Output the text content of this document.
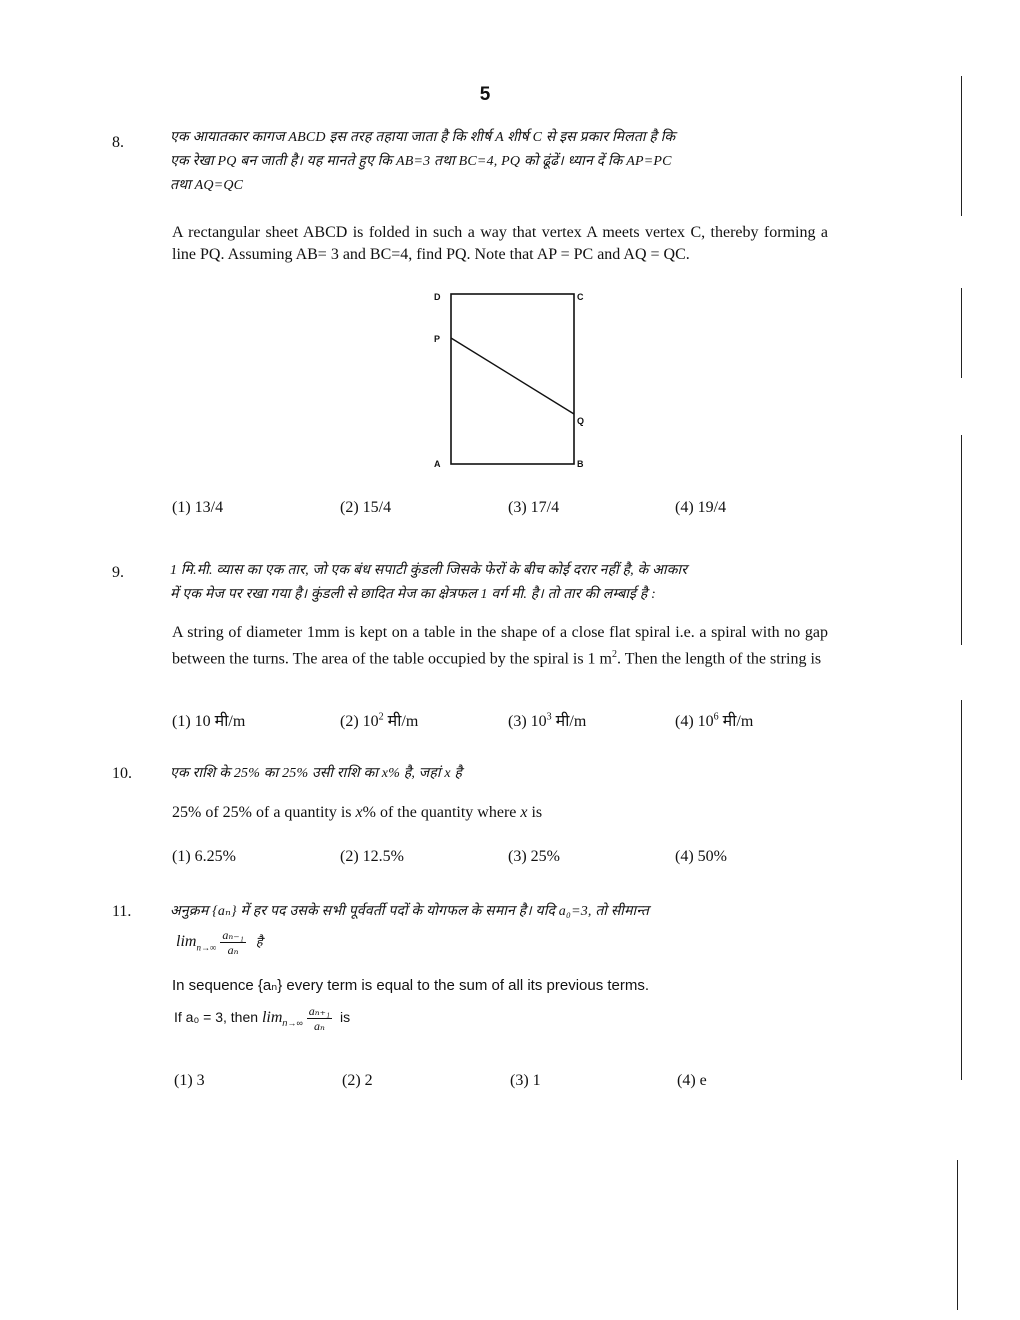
5
8.	एक आयातकार कागज ABCD इस तरह तहाया जाता है कि शीर्ष A शीर्ष C से इस प्रकार मिलता है कि
एक रेखा PQ बन जाती है। यह मानते हुए कि AB=3 तथा BC=4, PQ को ढूंढें। ध्यान दें कि AP=PC
तथा AQ=QC
A rectangular sheet ABCD is folded in such a way that vertex A meets vertex C, thereby forming a line PQ. Assuming AB= 3 and BC=4, find PQ. Note that AP = PC and AQ = QC.
D	C
P
Q
A	B
(1) 13/4	(2) 15/4	(3) 17/4	(4) 19/4
9.	1 मि.मी. व्यास का एक तार, जो एक बंध सपाटी कुंडली जिसके फेरों के बीच कोई दरार नहीं है, के आकार
में एक मेज पर रखा गया है। कुंडली से छादित मेज का क्षेत्रफल 1 वर्ग मी. है। तो तार की लम्बाई है :
A string of diameter 1mm is kept on a table in the shape of a close flat spiral i.e. a spiral with no gap between the turns. The area of the table occupied by the spiral is 1 $m^2$. Then the length of the string is
(1) 10 मी/m	(2) $10^2$ मी/m	(3) $10^3$ मी/m	(4) $10^6$ मी/m
10.	एक राशि के 25% का 25% उसी राशि का x% है, जहां x है
25% of 25% of a quantity is x% of the quantity where x is
(1) 6.25%	(2) 12.5%	(3) 25%	(4) 50%
11.	अनुक्रम {aₙ} में हर पद उसके सभी पूर्ववर्ती पदों के योगफल के समान है। यदि a₀=3, तो सीमान्त
$\lim_{n\to\infty} \frac{\text{aₙ₋₁}}{\text{aₙ}}$ है
In sequence {aₙ} every term is equal to the sum of all its previous terms.
If a₀ = 3, then $\lim_{n\to\infty} \frac{\text{aₙ₊₁}}{\text{aₙ}}$ is
(1) 3	(2) 2	(3) 1	(4) e
